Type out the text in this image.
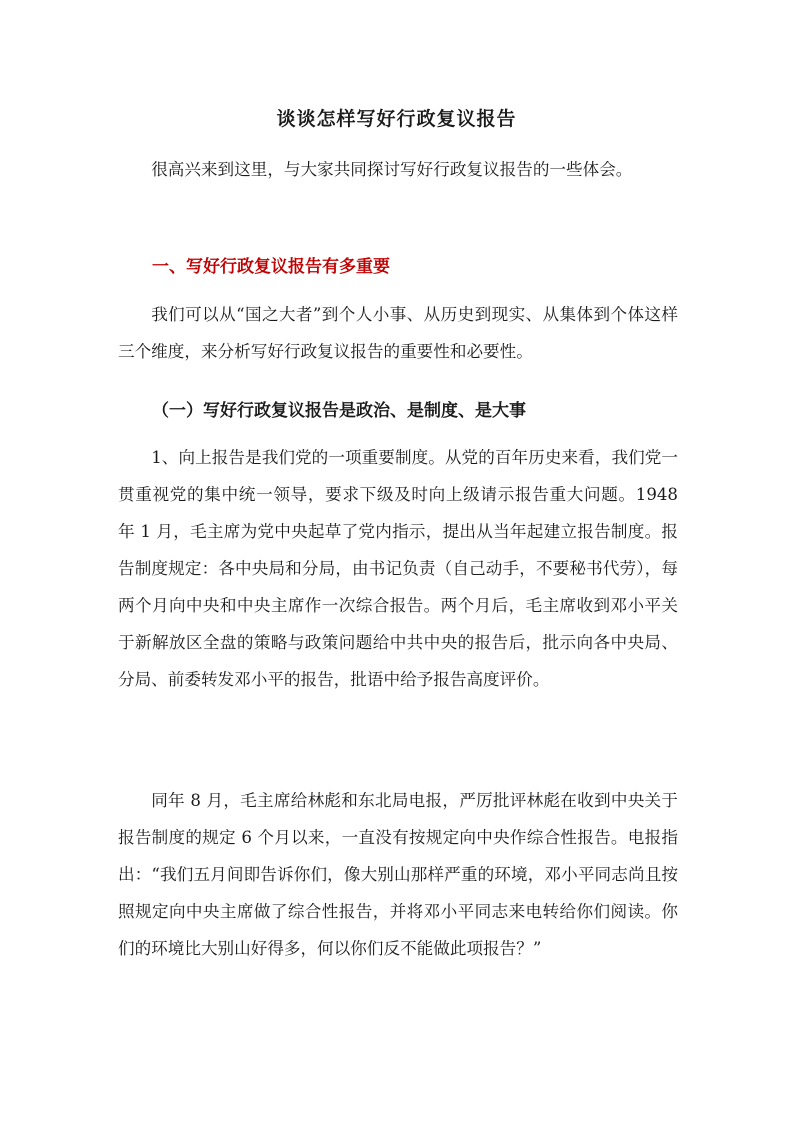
谈谈怎样写好行政复议报告

很高兴来到这里，与大家共同探讨写好行政复议报告的一些体会。

一、写好行政复议报告有多重要

我们可以从“国之大者”到个人小事、从历史到现实、从集体到个体这样三个维度，来分析写好行政复议报告的重要性和必要性。

（一）写好行政复议报告是政治、是制度、是大事

1、向上报告是我们党的一项重要制度。从党的百年历史来看，我们党一贯重视党的集中统一领导，要求下级及时向上级请示报告重大问题。1948 年 1 月，毛主席为党中央起草了党内指示，提出从当年起建立报告制度。报告制度规定：各中央局和分局，由书记负责（自己动手，不要秘书代劳），每两个月向中央和中央主席作一次综合报告。两个月后，毛主席收到邓小平关于新解放区全盘的策略与政策问题给中共中央的报告后，批示向各中央局、分局、前委转发邓小平的报告，批语中给予报告高度评价。

同年 8 月，毛主席给林彪和东北局电报，严厉批评林彪在收到中央关于报告制度的规定 6 个月以来，一直没有按规定向中央作综合性报告。电报指出：“我们五月间即告诉你们，像大别山那样严重的环境，邓小平同志尚且按照规定向中央主席做了综合性报告，并将邓小平同志来电转给你们阅读。你们的环境比大别山好得多，何以你们反不能做此项报告？”
